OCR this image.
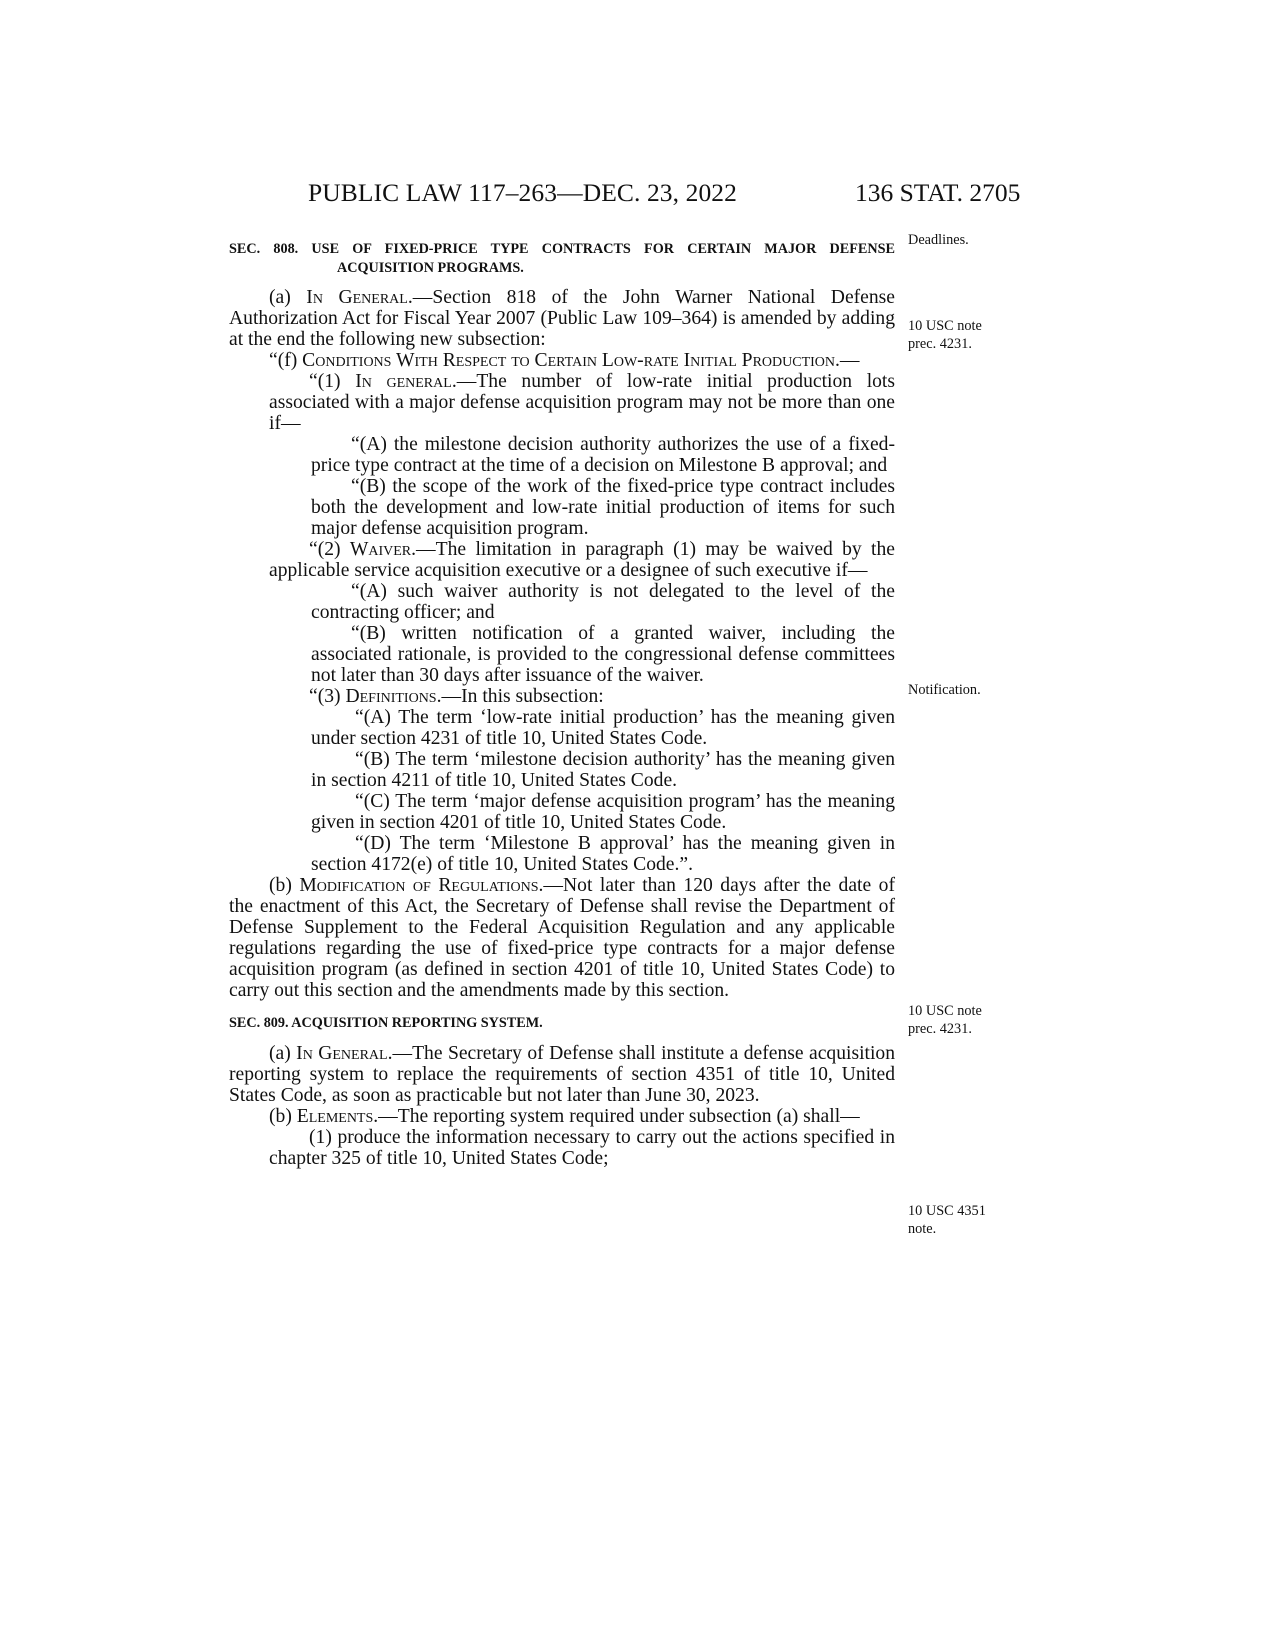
PUBLIC LAW 117–263—DEC. 23, 2022	136 STAT. 2705
Deadlines.
10 USC note
prec. 4231.
Notification.
10 USC note
prec. 4231.
10 USC 4351
note.

SEC. 808. USE OF FIXED-PRICE TYPE CONTRACTS FOR CERTAIN MAJOR DEFENSE ACQUISITION PROGRAMS.

(a) In General.—Section 818 of the John Warner National Defense Authorization Act for Fiscal Year 2007 (Public Law 109–364) is amended by adding at the end the following new subsection:

“(f) Conditions With Respect to Certain Low-rate Initial Production.—

“(1) In general.—The number of low-rate initial production lots associated with a major defense acquisition program may not be more than one if—

“(A) the milestone decision authority authorizes the use of a fixed-price type contract at the time of a decision on Milestone B approval; and

“(B) the scope of the work of the fixed-price type contract includes both the development and low-rate initial production of items for such major defense acquisition program.

“(2) Waiver.—The limitation in paragraph (1) may be waived by the applicable service acquisition executive or a designee of such executive if—

“(A) such waiver authority is not delegated to the level of the contracting officer; and

“(B) written notification of a granted waiver, including the associated rationale, is provided to the congressional defense committees not later than 30 days after issuance of the waiver.

“(3) Definitions.—In this subsection:

“(A) The term ‘low-rate initial production’ has the meaning given under section 4231 of title 10, United States Code.

“(B) The term ‘milestone decision authority’ has the meaning given in section 4211 of title 10, United States Code.

“(C) The term ‘major defense acquisition program’ has the meaning given in section 4201 of title 10, United States Code.

“(D) The term ‘Milestone B approval’ has the meaning given in section 4172(e) of title 10, United States Code.”.

(b) Modification of Regulations.—Not later than 120 days after the date of the enactment of this Act, the Secretary of Defense shall revise the Department of Defense Supplement to the Federal Acquisition Regulation and any applicable regulations regarding the use of fixed-price type contracts for a major defense acquisition program (as defined in section 4201 of title 10, United States Code) to carry out this section and the amendments made by this section.

SEC. 809. ACQUISITION REPORTING SYSTEM.

(a) In General.—The Secretary of Defense shall institute a defense acquisition reporting system to replace the requirements of section 4351 of title 10, United States Code, as soon as practicable but not later than June 30, 2023.

(b) Elements.—The reporting system required under subsection (a) shall—

(1) produce the information necessary to carry out the actions specified in chapter 325 of title 10, United States Code;
